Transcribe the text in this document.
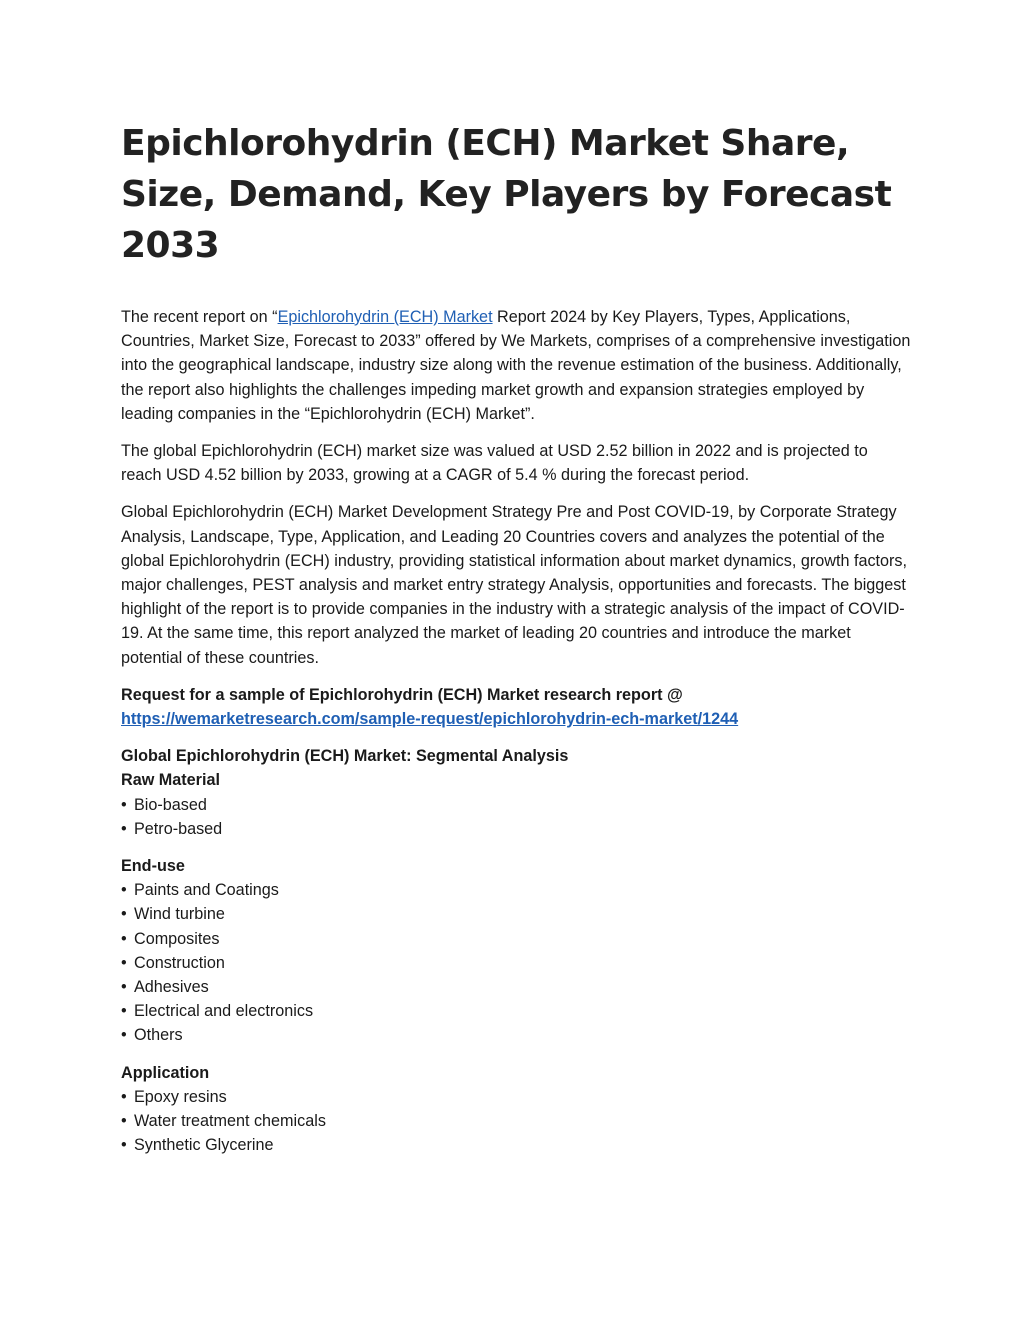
Epichlorohydrin (ECH) Market Share, Size, Demand, Key Players by Forecast 2033

The recent report on “Epichlorohydrin (ECH) Market Report 2024 by Key Players, Types, Applications, Countries, Market Size, Forecast to 2033” offered by We Markets, comprises of a comprehensive investigation into the geographical landscape, industry size along with the revenue estimation of the business. Additionally, the report also highlights the challenges impeding market growth and expansion strategies employed by leading companies in the “Epichlorohydrin (ECH) Market”.

The global Epichlorohydrin (ECH) market size was valued at USD 2.52 billion in 2022 and is projected to reach USD 4.52 billion by 2033, growing at a CAGR of 5.4 % during the forecast period.

Global Epichlorohydrin (ECH) Market Development Strategy Pre and Post COVID-19, by Corporate Strategy Analysis, Landscape, Type, Application, and Leading 20 Countries covers and analyzes the potential of the global Epichlorohydrin (ECH) industry, providing statistical information about market dynamics, growth factors, major challenges, PEST analysis and market entry strategy Analysis, opportunities and forecasts. The biggest highlight of the report is to provide companies in the industry with a strategic analysis of the impact of COVID-19. At the same time, this report analyzed the market of leading 20 countries and introduce the market potential of these countries.

Request for a sample of Epichlorohydrin (ECH) Market research report @
https://wemarketresearch.com/sample-request/epichlorohydrin-ech-market/1244
Global Epichlorohydrin (ECH) Market: Segmental Analysis
Raw Material
• Bio-based
• Petro-based
End-use
• Paints and Coatings
• Wind turbine
• Composites
• Construction
• Adhesives
• Electrical and electronics
• Others
Application
• Epoxy resins
• Water treatment chemicals
• Synthetic Glycerine
